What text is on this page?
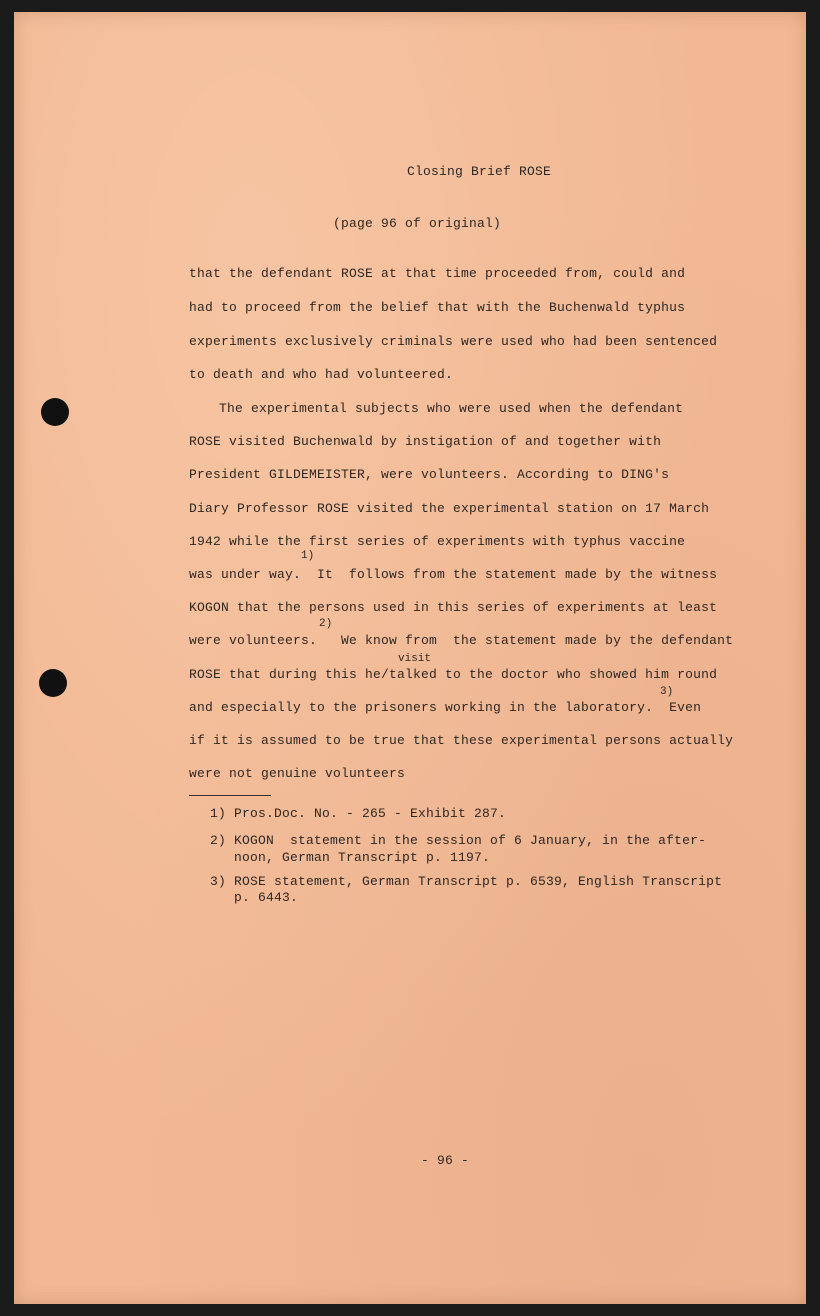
Closing Brief ROSE
(page 96 of original)
that the defendant ROSE at that time proceeded from, could and
had to proceed from the belief that with the Buchenwald typhus
experiments exclusively criminals were used who had been sentenced
to death and who had volunteered.
The experimental subjects who were used when the defendant
ROSE visited Buchenwald by instigation of and together with
President GILDEMEISTER, were volunteers. According to DING's
Diary Professor ROSE visited the experimental station on 17 March
1942 while the first series of experiments with typhus vaccine
1)
was under way.  It  follows from the statement made by the witness
KOGON that the persons used in this series of experiments at least
2)
were volunteers.   We know from  the statement made by the defendant
visit
ROSE that during this he/talked to the doctor who showed him round
3)
and especially to the prisoners working in the laboratory.  Even
if it is assumed to be true that these experimental persons actually
were not genuine volunteers
1) Pros.Doc. No. - 265 - Exhibit 287.
2) KOGON  statement in the session of 6 January, in the after-
noon, German Transcript p. 1197.
3) ROSE statement, German Transcript p. 6539, English Transcript
p. 6443.
- 96 -
